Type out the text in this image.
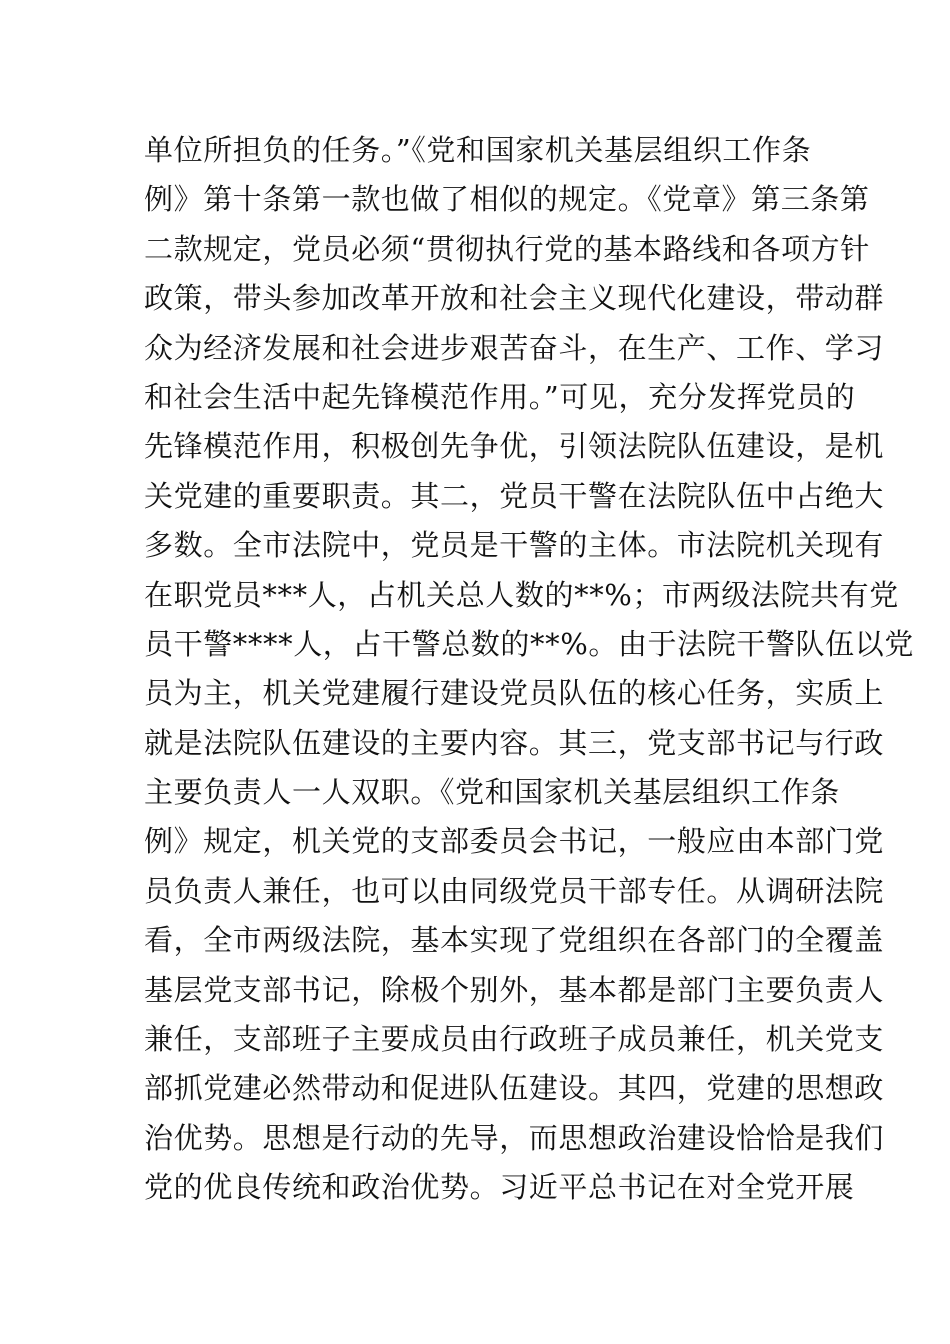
单位所担负的任务。”《党和国家机关基层组织工作条
例》第十条第一款也做了相似的规定。《党章》第三条第
二款规定，党员必须“贯彻执行党的基本路线和各项方针
政策，带头参加改革开放和社会主义现代化建设，带动群
众为经济发展和社会进步艰苦奋斗，在生产、工作、学习
和社会生活中起先锋模范作用。”可见，充分发挥党员的
先锋模范作用，积极创先争优，引领法院队伍建设，是机
关党建的重要职责。其二，党员干警在法院队伍中占绝大
多数。全市法院中，党员是干警的主体。市法院机关现有
在职党员***人，占机关总人数的**%；市两级法院共有党
员干警****人，占干警总数的**%。由于法院干警队伍以党
员为主，机关党建履行建设党员队伍的核心任务，实质上
就是法院队伍建设的主要内容。其三，党支部书记与行政
主要负责人一人双职。《党和国家机关基层组织工作条
例》规定，机关党的支部委员会书记，一般应由本部门党
员负责人兼任，也可以由同级党员干部专任。从调研法院
看，全市两级法院，基本实现了党组织在各部门的全覆盖
基层党支部书记，除极个别外，基本都是部门主要负责人
兼任，支部班子主要成员由行政班子成员兼任，机关党支
部抓党建必然带动和促进队伍建设。其四，党建的思想政
治优势。思想是行动的先导，而思想政治建设恰恰是我们
党的优良传统和政治优势。习近平总书记在对全党开展
